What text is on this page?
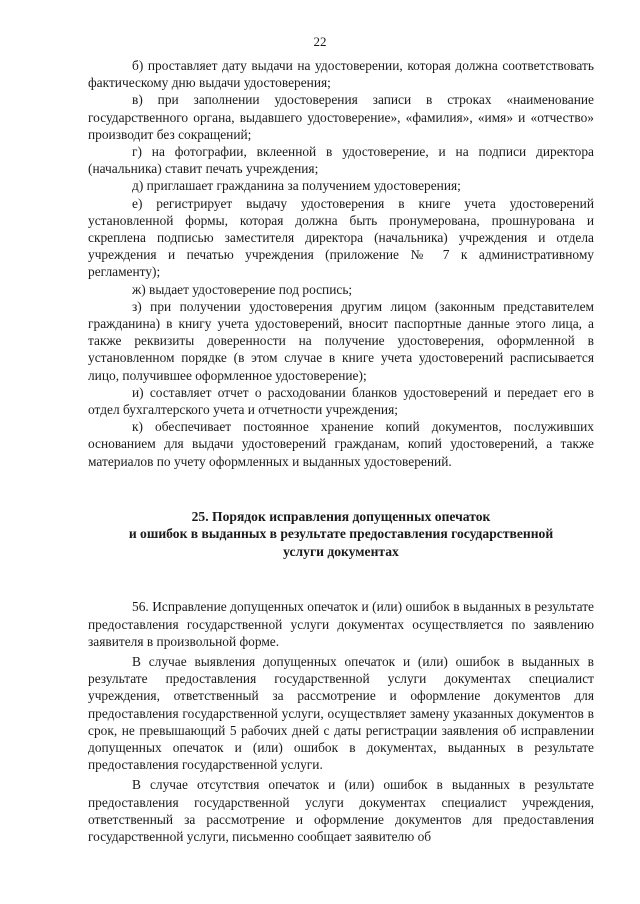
22

б) проставляет дату выдачи на удостоверении, которая должна соответствовать фактическому дню выдачи удостоверения;

в) при заполнении удостоверения записи в строках «наименование государственного органа, выдавшего удостоверение», «фамилия», «имя» и «отчество» производит без сокращений;

г) на фотографии, вклеенной в удостоверение, и на подписи директора (начальника) ставит печать учреждения;

д) приглашает гражданина за получением удостоверения;

е) регистрирует выдачу удостоверения в книге учета удостоверений установленной формы, которая должна быть пронумерована, прошнурована и скреплена подписью заместителя директора (начальника) учреждения и отдела учреждения и печатью учреждения (приложение № 7 к административному регламенту);

ж) выдает удостоверение под роспись;

з) при получении удостоверения другим лицом (законным представителем гражданина) в книгу учета удостоверений, вносит паспортные данные этого лица, а также реквизиты доверенности на получение удостоверения, оформленной в установленном порядке (в этом случае в книге учета удостоверений расписывается лицо, получившее оформленное удостоверение);

и) составляет отчет о расходовании бланков удостоверений и передает его в отдел бухгалтерского учета и отчетности учреждения;

к) обеспечивает постоянное хранение копий документов, послуживших основанием для выдачи удостоверений гражданам, копий удостоверений, а также материалов по учету оформленных и выданных удостоверений.

25. Порядок исправления допущенных опечаток
и ошибок в выданных в результате предоставления государственной
услуги документах

56. Исправление допущенных опечаток и (или) ошибок в выданных в результате предоставления государственной услуги документах осуществляется по заявлению заявителя в произвольной форме.

В случае выявления допущенных опечаток и (или) ошибок в выданных в результате предоставления государственной услуги документах специалист учреждения, ответственный за рассмотрение и оформление документов для предоставления государственной услуги, осуществляет замену указанных документов в срок, не превышающий 5 рабочих дней с даты регистрации заявления об исправлении допущенных опечаток и (или) ошибок в документах, выданных в результате предоставления государственной услуги.

В случае отсутствия опечаток и (или) ошибок в выданных в результате предоставления государственной услуги документах специалист учреждения, ответственный за рассмотрение и оформление документов для предоставления государственной услуги, письменно сообщает заявителю об
